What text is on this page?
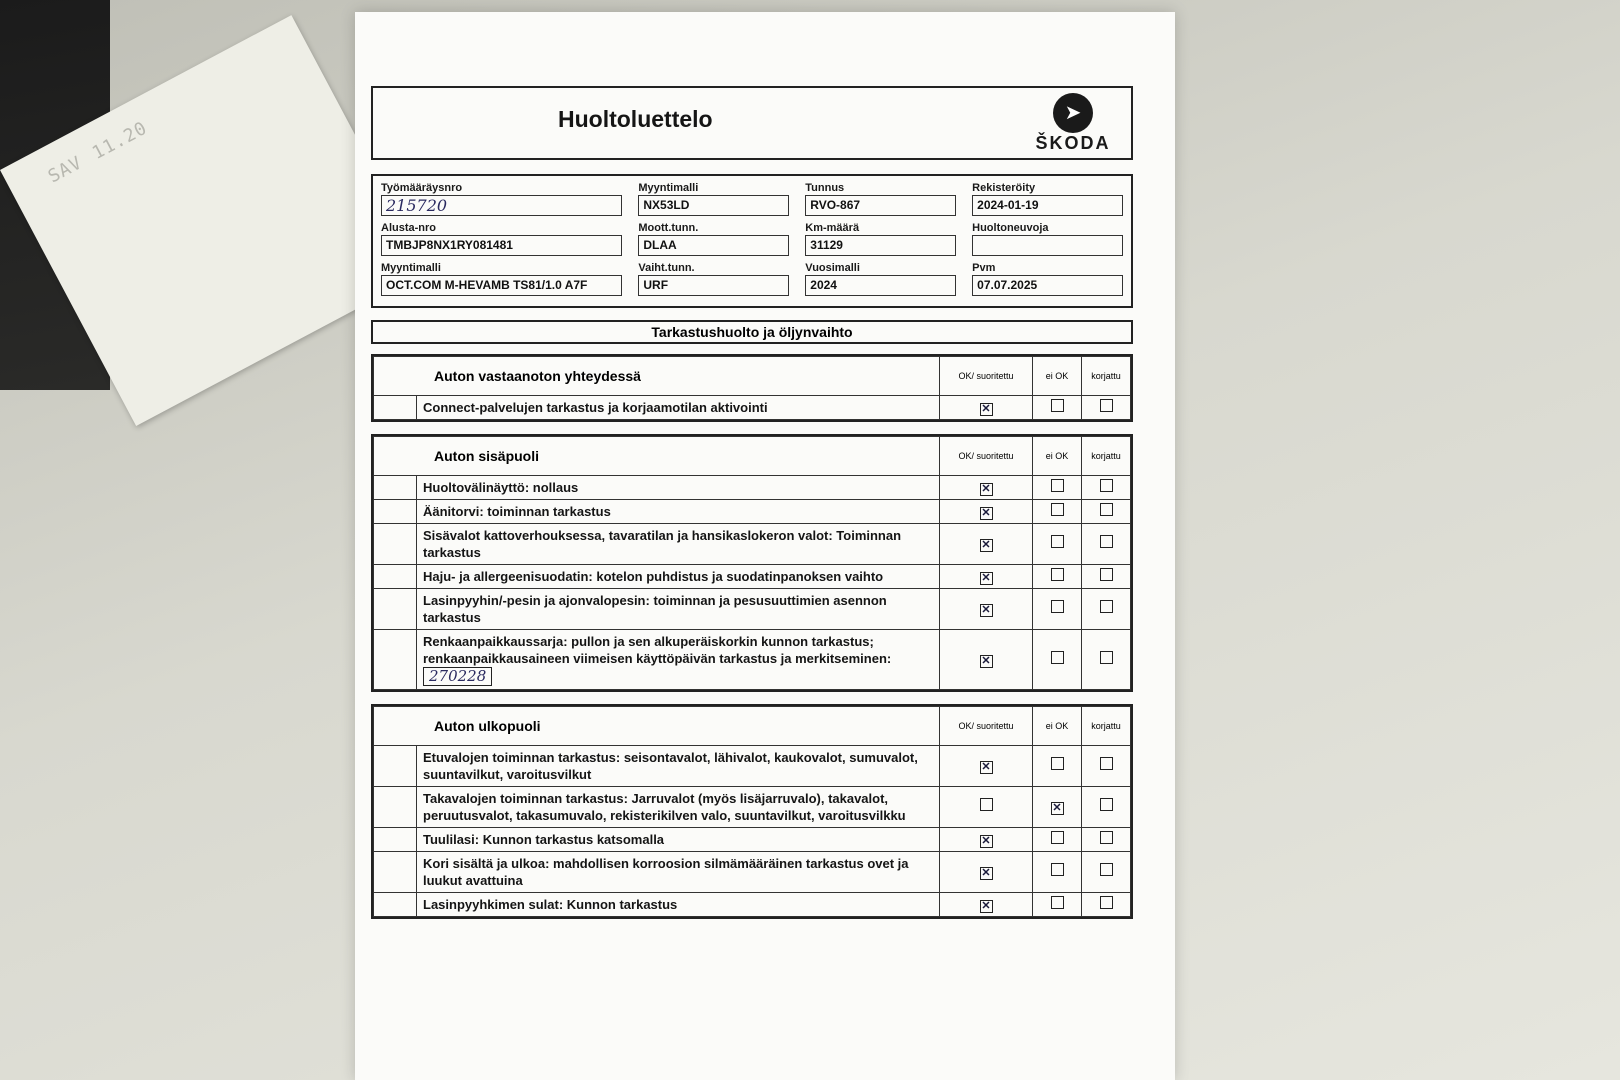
SAV
11.20	Huoltoluettelo	➤
ŠKODA
Työmääräysnro
215720
Myyntimalli
NX53LD
Tunnus
RVO-867
Rekisteröity
2024-01-19
Alusta-nro
TMBJP8NX1RY081481
Moott.tunn.
DLAA
Km-määrä
31129
Huoltoneuvoja
Myyntimalli
OCT.COM M-HEVAMB TS81/1.0 A7F
Vaiht.tunn.
URF
Vuosimalli
2024
Pvm
07.07.2025
Tarkastushuolto ja öljynvaihto
Auton vastaanoton yhteydessä		OK/ suoritettu	ei OK	korjattu
	Connect-palvelujen tarkastus ja korjaamotilan aktivointi	✕		
Auton sisäpuoli		OK/ suoritettu	ei OK	korjattu
	Huoltovälinäyttö: nollaus	✕		
	Äänitorvi: toiminnan tarkastus	✕		
	Sisävalot kattoverhouksessa, tavaratilan ja hansikaslokeron valot: Toiminnan tarkastus	✕		
	Haju- ja allergeenisuodatin: kotelon puhdistus ja suodatinpanoksen vaihto	✕		
	Lasinpyyhin/-pesin ja ajonvalopesin: toiminnan ja pesusuuttimien asennon tarkastus	✕		
	Renkaanpaikkaussarja: pullon ja sen alkuperäiskorkin kunnon tarkastus; renkaanpaikkausaineen viimeisen käyttöpäivän tarkastus ja merkitseminen: 270228	✕		
Auton ulkopuoli		OK/ suoritettu	ei OK	korjattu
	Etuvalojen toiminnan tarkastus: seisontavalot, lähivalot, kaukovalot, sumuvalot, suuntavilkut, varoitusvilkut	✕		
	Takavalojen toiminnan tarkastus: Jarruvalot (myös lisäjarruvalo), takavalot, peruutusvalot, takasumuvalo, rekisterikilven valo, suuntavilkut, varoitusvilkku		✕	
	Tuulilasi: Kunnon tarkastus katsomalla	✕		
	Kori sisältä ja ulkoa: mahdollisen korroosion silmämääräinen tarkastus ovet ja luukut avattuina	✕		
	Lasinpyyhkimen sulat: Kunnon tarkastus	✕		
